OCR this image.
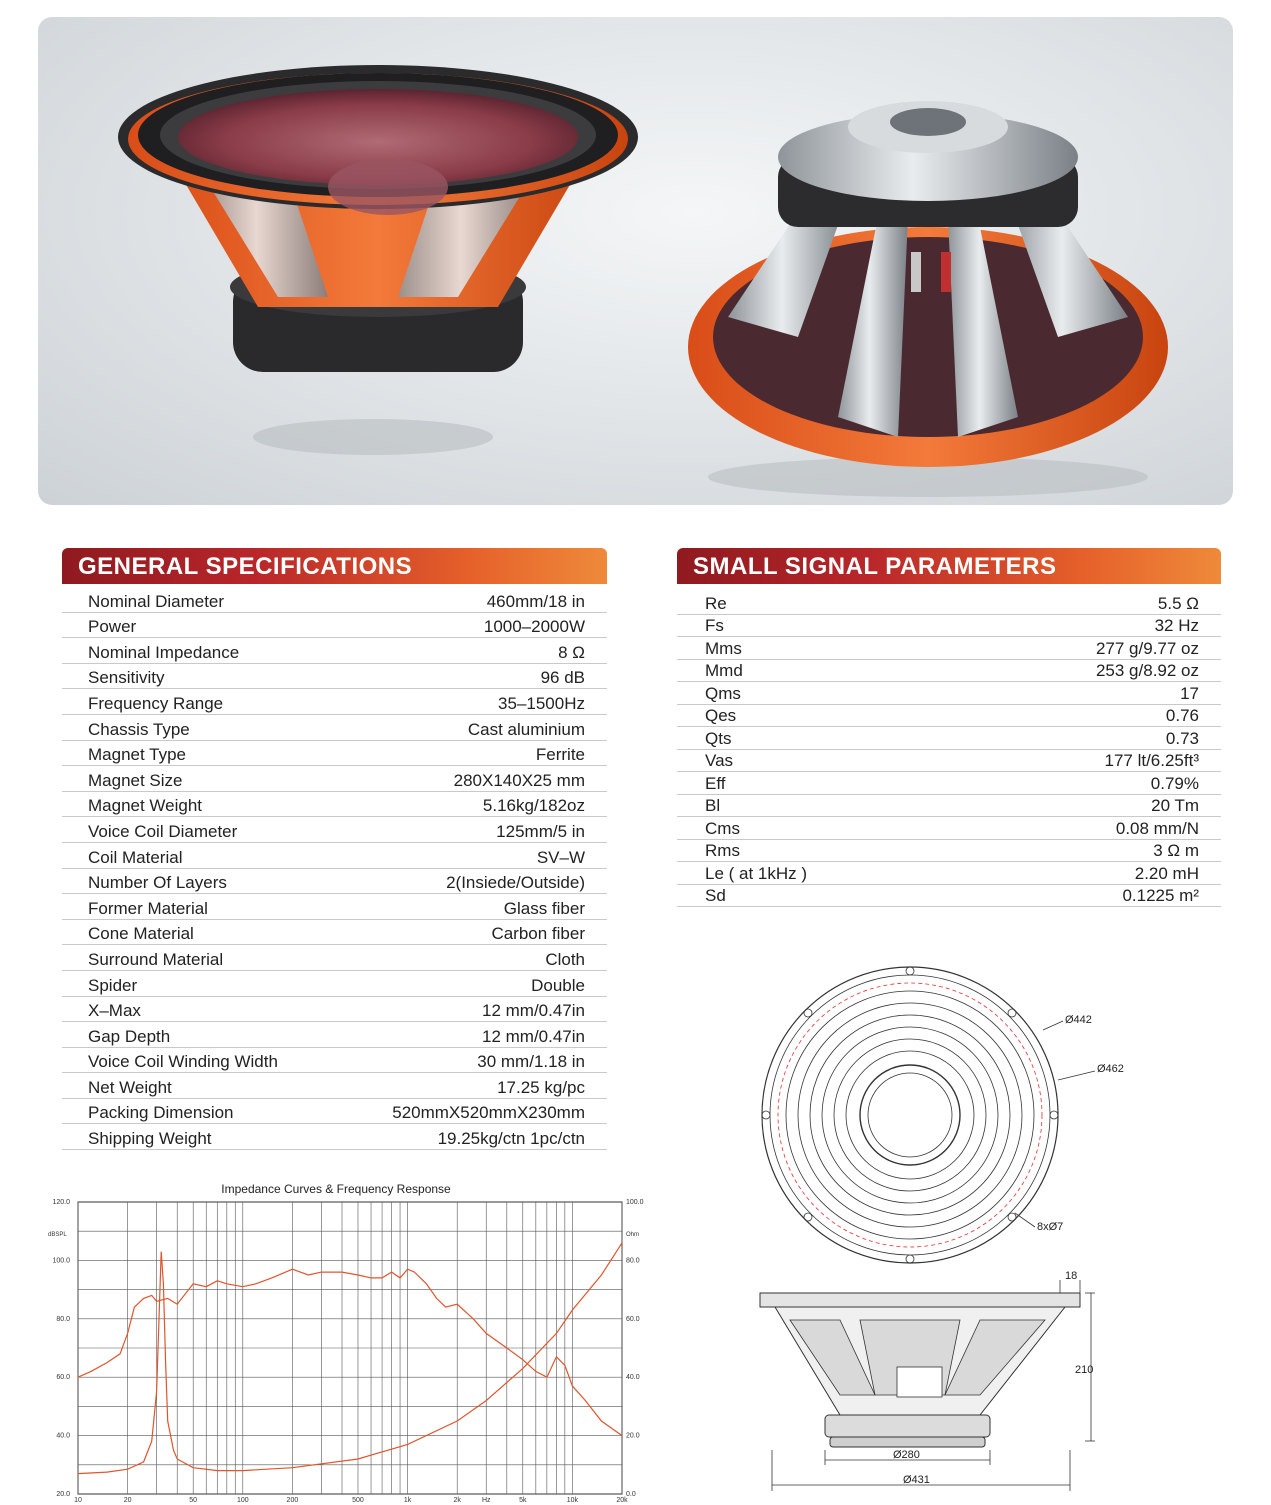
GENERAL SPECIFICATIONS
Nominal Diameter	460mm/18 in
Power	1000–2000W
Nominal Impedance	8 Ω
Sensitivity	96 dB
Frequency Range	35–1500Hz
Chassis Type	Cast aluminium
Magnet Type	Ferrite
Magnet Size	280X140X25 mm
Magnet Weight	5.16kg/182oz
Voice Coil Diameter	125mm/5 in
Coil Material	SV–W
Number Of Layers	2(Insiede/Outside)
Former Material	Glass fiber
Cone Material	Carbon fiber
Surround Material	Cloth
Spider	Double
X–Max	12 mm/0.47in
Gap Depth	12 mm/0.47in
Voice Coil Winding Width	30 mm/1.18 in
Net Weight	17.25 kg/pc
Packing Dimension	520mmX520mmX230mm
Shipping Weight	19.25kg/ctn 1pc/ctn
SMALL SIGNAL PARAMETERS
Re	5.5 Ω
Fs	32 Hz
Mms	277 g/9.77 oz
Mmd	253 g/8.92 oz
Qms	17
Qes	0.76
Qts	0.73
Vas	177 lt/6.25ft³
Eff	0.79%
Bl	20 Tm
Cms	0.08 mm/N
Rms	3 Ω m
Le ( at 1kHz )	2.20 mH
Sd	0.1225 m²
Impedance Curves & Frequency Response
10	20	50	100	200	500	1k	2k	Hz	5k	10k	20k
20.0
40.0
60.0
80.0
100.0
120.0
0.0
20.0
40.0
60.0
80.0
100.0
dBSPL	Ohm
Ø442
Ø462
8xØ7
18
210
Ø280
Ø431
